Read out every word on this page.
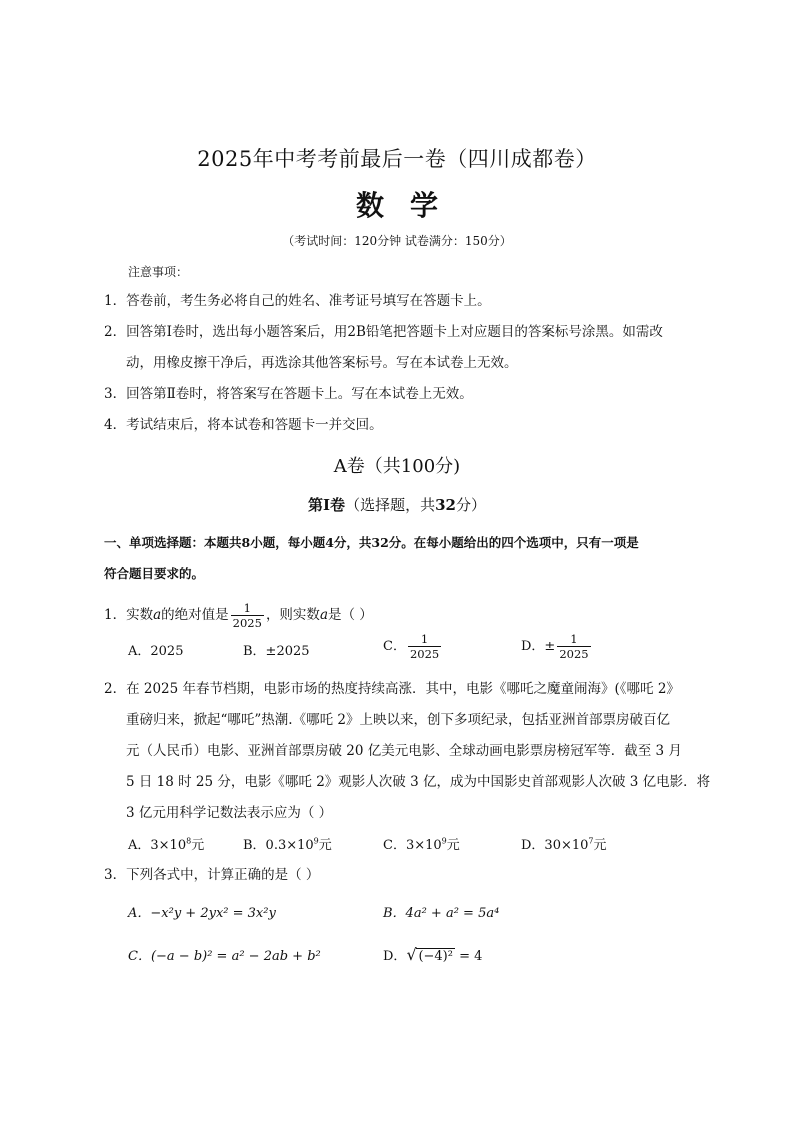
2025年中考考前最后一卷（四川成都卷）
数学
（考试时间：120分钟 试卷满分：150分）
注意事项：
1．答卷前，考生务必将自己的姓名、准考证号填写在答题卡上。
2．回答第Ⅰ卷时，选出每小题答案后，用2B铅笔把答题卡上对应题目的答案标号涂黑。如需改
动，用橡皮擦干净后，再选涂其他答案标号。写在本试卷上无效。
3．回答第Ⅱ卷时，将答案写在答题卡上。写在本试卷上无效。
4．考试结束后，将本试卷和答题卡一并交回。
A卷（共100分)
第Ⅰ卷（选择题，共32分）
一、单项选择题：本题共8小题，每小题4分，共32分。在每小题给出的四个选项中，只有一项是
符合题目要求的。
1．实数a的绝对值是 $\frac{1}{2025}$ ，则实数a是（ ）
A．2025	B．±2025	C． $\frac{1}{2025}$	D．± $\frac{1}{2025}$
2．在 2025 年春节档期，电影市场的热度持续高涨．其中，电影《哪吒之魔童闹海》(《哪吒 2》
重磅归来，掀起“哪吒”热潮.《哪吒 2》上映以来，创下多项纪录，包括亚洲首部票房破百亿
元（人民币）电影、亚洲首部票房破 20 亿美元电影、全球动画电影票房榜冠军等．截至 3 月
5 日 18 时 25 分，电影《哪吒 2》观影人次破 3 亿，成为中国影史首部观影人次破 3 亿电影．将
3 亿元用科学记数法表示应为（ ）
A．$3\times 10^8$元	B．$0.3\times 10^9$元	C．$3\times 10^9$元	D．$30\times 10^7$元
3．下列各式中，计算正确的是（ ）
A．−x²y + 2yx² = 3x²y	B．4a² + a² = 5a⁴
C．(−a − b)² = a² − 2ab + b²	D． √ (−4)² = 4
